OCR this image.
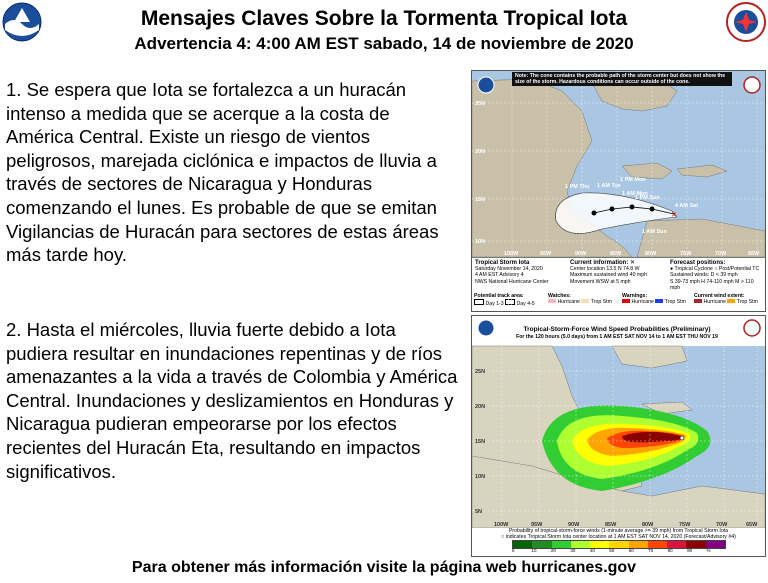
Mensajes Claves Sobre la Tormenta Tropical Iota
Advertencia 4: 4:00 AM EST sabado, 14 de noviembre de 2020
1. Se espera que Iota se fortalezca a un huracán intenso a medida que se acerque a la costa de América Central. Existe un riesgo de vientos peligrosos, marejada ciclónica e impactos de lluvia a través de sectores de Nicaragua y Honduras comenzando el lunes. Es probable de que se emitan Vigilancias de Huracán para sectores de estas áreas más tarde hoy.
2. Hasta el miércoles, lluvia fuerte debido a Iota pudiera resultar en inundaciones repentinas y de ríos amenazantes a la vida a través de Colombia y América Central. Inundaciones y deslizamientos en Honduras y Nicaragua pudieran empeorarse por los efectos recientes del Huracán Eta, resultando en impactos significativos.
✕
1 PM Mon
1 AM Tue
1 PM Thu
1 AM Mon
1 PM Sun
4 AM Sat
1 AM Sun
25N
20N
15N
10N
100W	95W	90W	85W	80W	75W	70W	65W
Note: The cone contains the probable path of the storm center but does not show the size of the storm. Hazardous conditions can occur outside of the cone.
Tropical Storm Iota
Saturday November 14, 2020
4 AM EST Advisory 4
NWS National Hurricane Center
Current information: ✕
Center location 13.5 N 74.8 W
Maximum sustained wind 40 mph
Movement WSW at 5 mph
Forecast positions:
● Tropical Cyclone ○ Post/Potential TC
Sustained winds: D < 39 mph
S 39-73 mph H 74-110 mph M > 110 mph
Potential track area:
Day 1-3 Day 4-5
Watches:
Hurricane Trop Stm
Warnings:
Hurricane Trop Stm
Current wind extent:
Hurricane Trop Stm
25N
20N
15N
10N
5N
100W	95W	90W	85W	80W	75W	70W	65W
Tropical-Storm-Force Wind Speed Probabilities (Preliminary)
For the 120 hours (5.0 days) from 1 AM EST SAT NOV 14 to 1 AM EST THU NOV 19
Probability of tropical-storm-force winds (1-minute average >= 39 mph) from Tropical Storm Iota
○ indicates Tropical Storm Iota center location at 1 AM EST SAT NOV 14, 2020 (Forecast/Advisory #4)
5	10	20	30	40	50	60	70	80	90	%
Para obtener más información visite la página web hurricanes.gov
